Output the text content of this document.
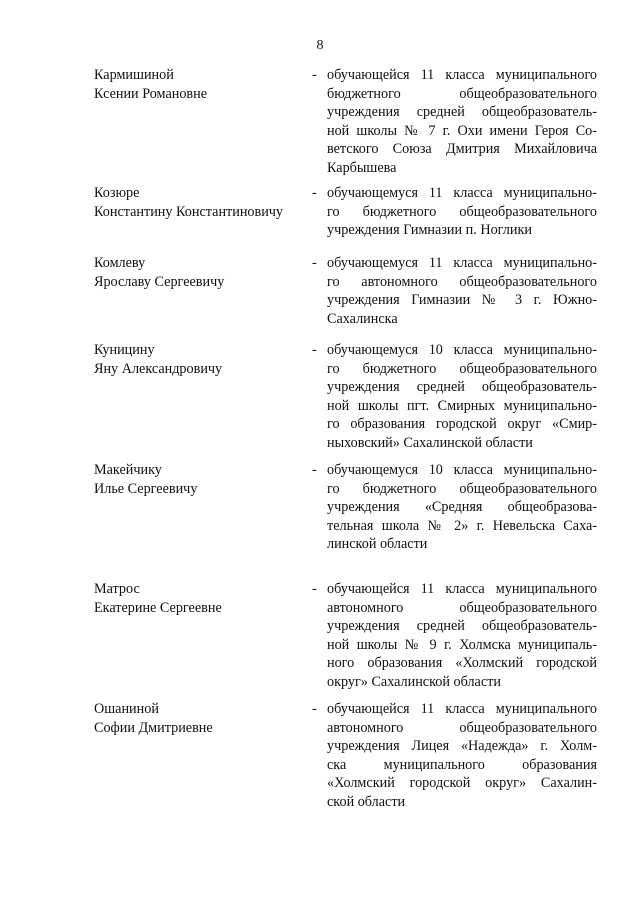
8
Кармишиной
Ксении Романовне
- обучающейся 11 класса муниципального
бюджетного общеобразовательного
учреждения средней общеобразователь-
ной школы № 7 г. Охи имени Героя Со-
ветского Союза Дмитрия Михайловича
Карбышева
Козюре
Константину Константиновичу
- обучающемуся 11 класса муниципально-
го бюджетного общеобразовательного
учреждения Гимназии п. Ноглики
Комлеву
Ярославу Сергеевичу
- обучающемуся 11 класса муниципально-
го автономного общеобразовательного
учреждения Гимназии № 3 г. Южно-
Сахалинска
Куницину
Яну Александровичу
- обучающемуся 10 класса муниципально-
го бюджетного общеобразовательного
учреждения средней общеобразователь-
ной школы пгт. Смирных муниципально-
го образования городской округ «Смир-
ныховский» Сахалинской области
Макейчику
Илье Сергеевичу
- обучающемуся 10 класса муниципально-
го бюджетного общеобразовательного
учреждения «Средняя общеобразова-
тельная школа № 2» г. Невельска Саха-
линской области
Матрос
Екатерине Сергеевне
- обучающейся 11 класса муниципального
автономного общеобразовательного
учреждения средней общеобразователь-
ной школы № 9 г. Холмска муниципаль-
ного образования «Холмский городской
округ» Сахалинской области
Ошаниной
Софии Дмитриевне
- обучающейся 11 класса муниципального
автономного общеобразовательного
учреждения Лицея «Надежда» г. Холм-
ска муниципального образования
«Холмский городской округ» Сахалин-
ской области
